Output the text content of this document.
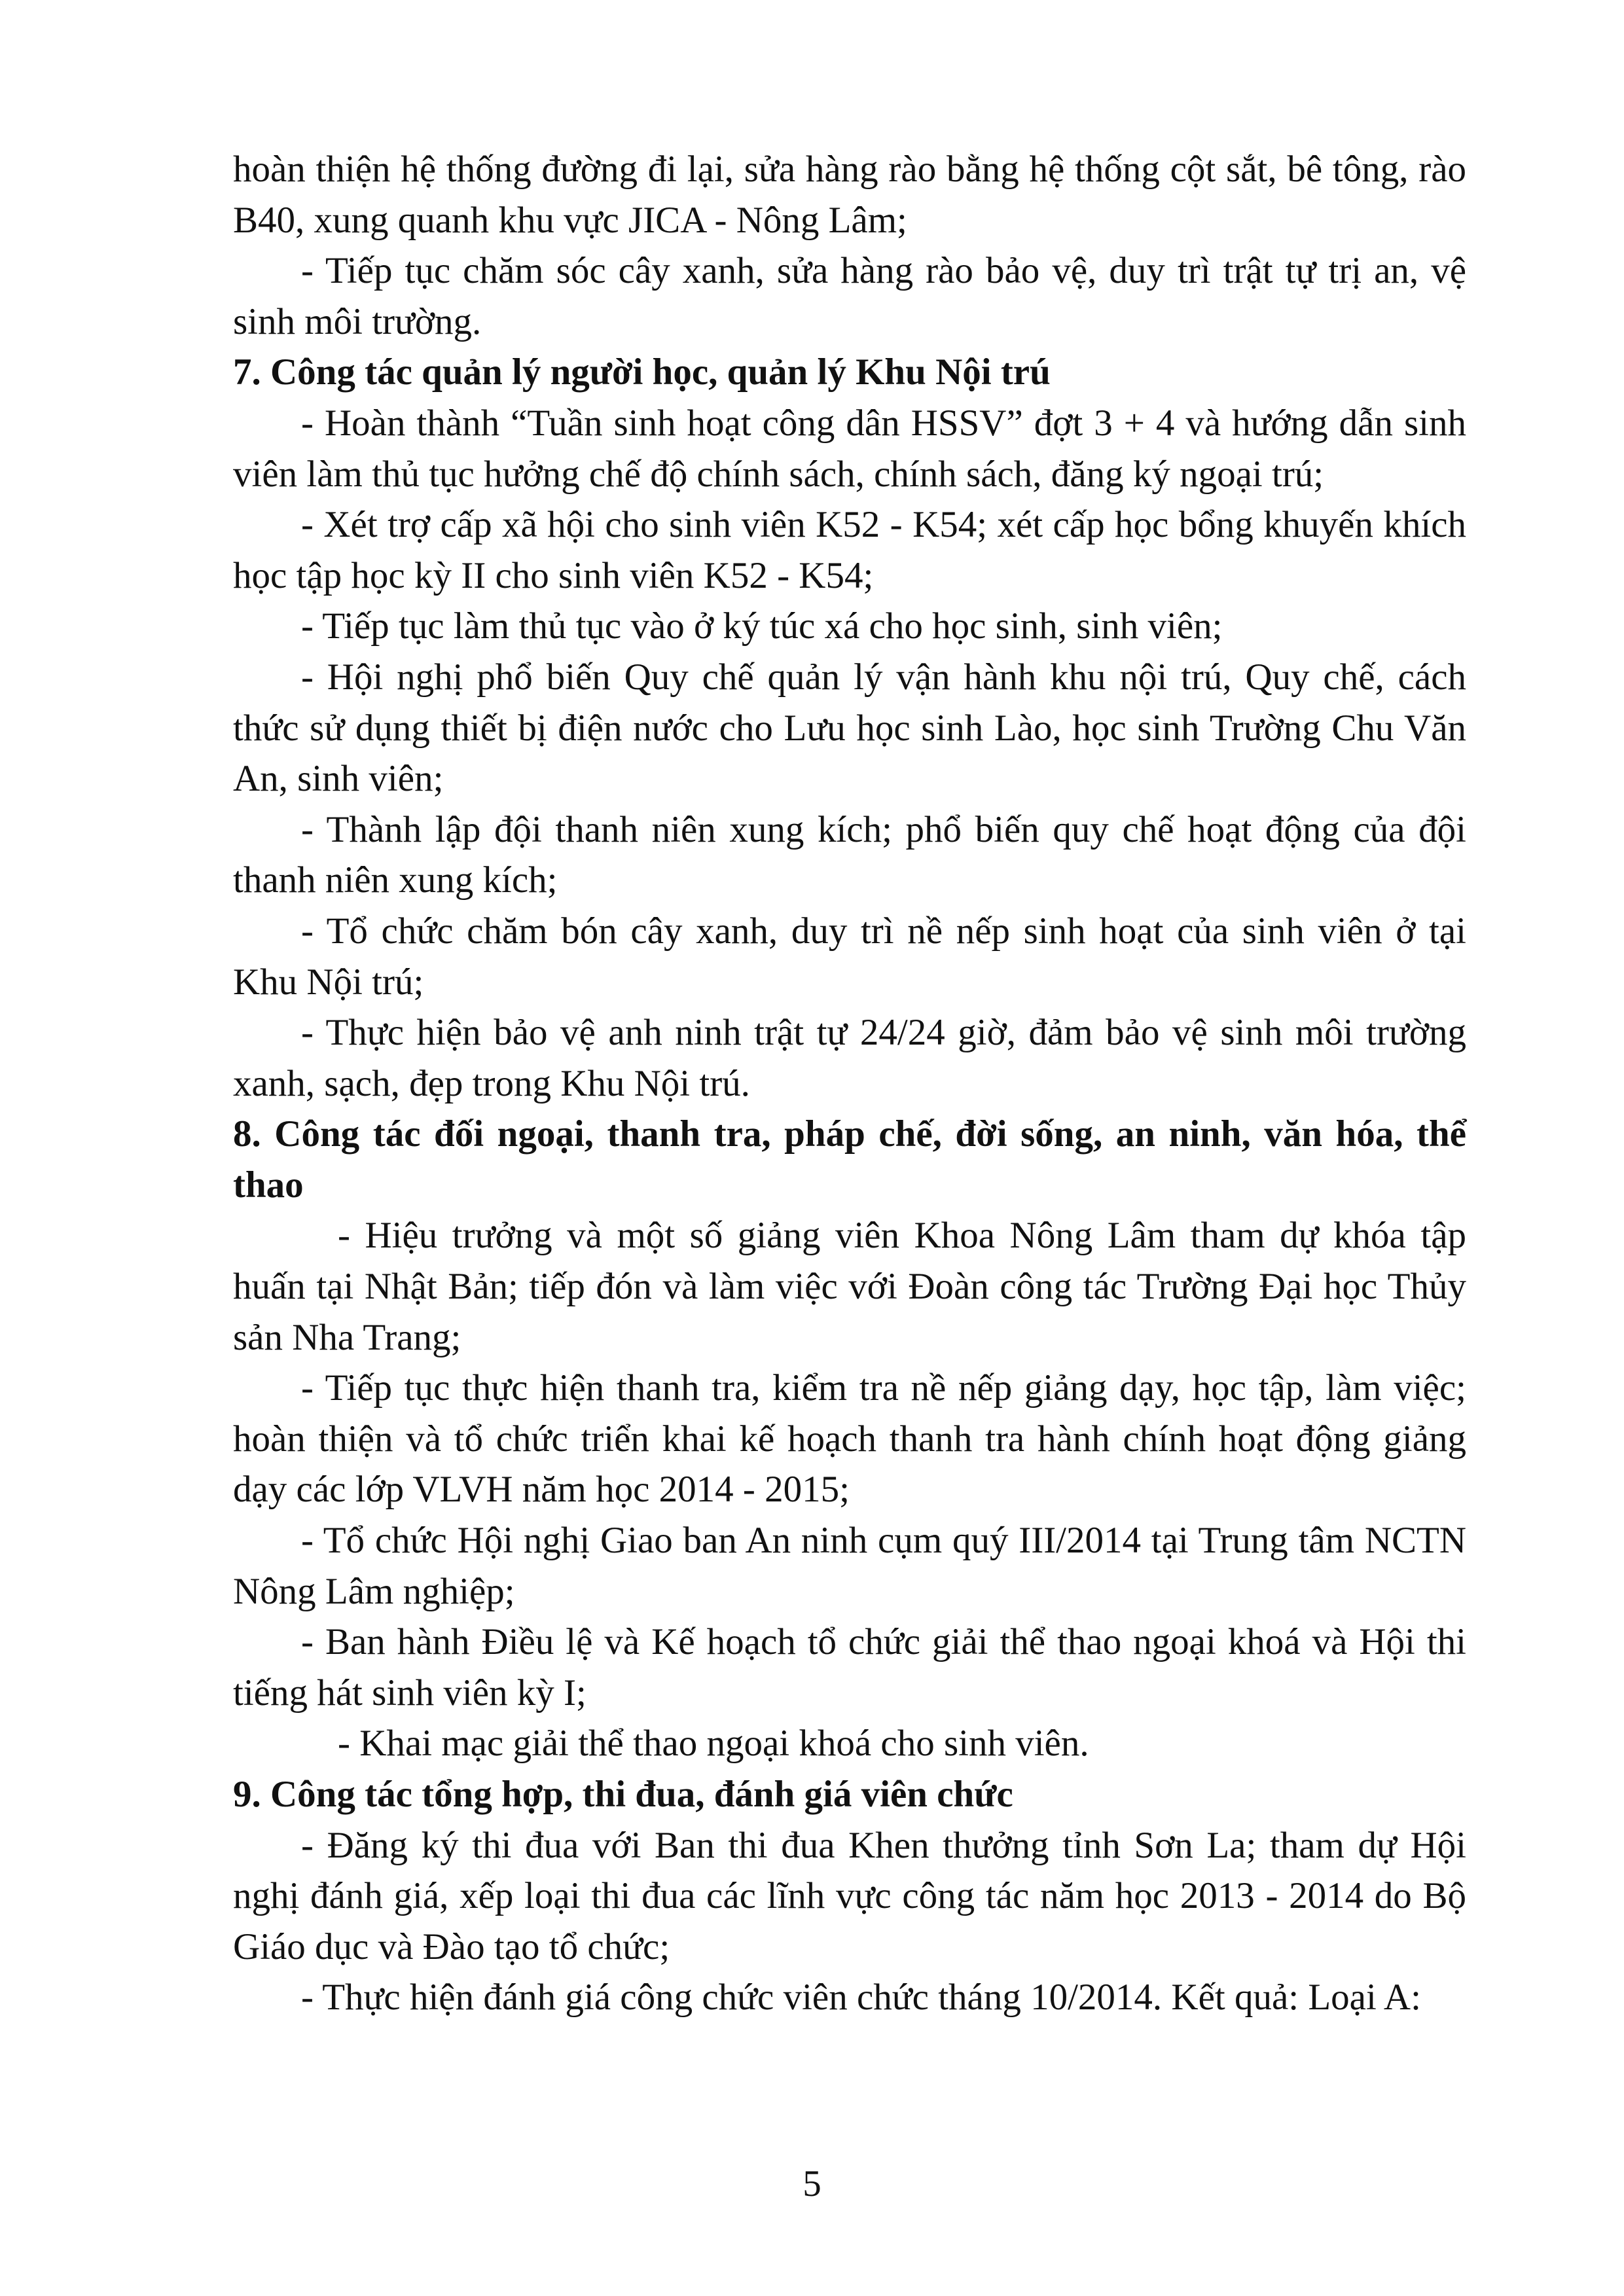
hoàn thiện hệ thống đường đi lại, sửa hàng rào bằng hệ thống cột sắt, bê tông, rào B40, xung quanh khu vực JICA - Nông Lâm;

- Tiếp tục chăm sóc cây xanh, sửa hàng rào bảo vệ, duy trì trật tự trị an, vệ sinh môi trường.

7. Công tác quản lý người học, quản lý Khu Nội trú

- Hoàn thành “Tuần sinh hoạt công dân HSSV” đợt 3 + 4 và hướng dẫn sinh viên làm thủ tục hưởng chế độ chính sách, chính sách, đăng ký ngoại trú;

- Xét trợ cấp xã hội cho sinh viên K52 - K54; xét cấp học bổng khuyến khích học tập học kỳ II cho sinh viên K52 - K54;

- Tiếp tục làm thủ tục vào ở ký túc xá cho học sinh, sinh viên;

- Hội nghị phổ biến Quy chế quản lý vận hành khu nội trú, Quy chế, cách thức sử dụng thiết bị điện nước cho Lưu học sinh Lào, học sinh Trường Chu Văn An, sinh viên;

- Thành lập đội thanh niên xung kích; phổ biến quy chế hoạt động của đội thanh niên xung kích;

- Tổ chức chăm bón cây xanh, duy trì nề nếp sinh hoạt của sinh viên ở tại Khu Nội trú;

- Thực hiện bảo vệ anh ninh trật tự 24/24 giờ, đảm bảo vệ sinh môi trường xanh, sạch, đẹp trong Khu Nội trú.

8. Công tác đối ngoại, thanh tra, pháp chế, đời sống, an ninh, văn hóa, thể thao

- Hiệu trưởng và một số giảng viên Khoa Nông Lâm tham dự khóa tập huấn tại Nhật Bản; tiếp đón và làm việc với Đoàn công tác Trường Đại học Thủy sản Nha Trang;

- Tiếp tục thực hiện thanh tra, kiểm tra nề nếp giảng dạy, học tập, làm việc; hoàn thiện và tổ chức triển khai kế hoạch thanh tra hành chính hoạt động giảng dạy các lớp VLVH năm học 2014 - 2015;

- Tổ chức Hội nghị Giao ban An ninh cụm quý III/2014 tại Trung tâm NCTN Nông Lâm nghiệp;

- Ban hành Điều lệ và Kế hoạch tổ chức giải thể thao ngoại khoá và Hội thi tiếng hát sinh viên kỳ I;

- Khai mạc giải thể thao ngoại khoá cho sinh viên.

9. Công tác tổng hợp, thi đua, đánh giá viên chức

- Đăng ký thi đua với Ban thi đua Khen thưởng tỉnh Sơn La; tham dự Hội nghị đánh giá, xếp loại thi đua các lĩnh vực công tác năm học 2013 - 2014 do Bộ Giáo dục và Đào tạo tổ chức;

- Thực hiện đánh giá công chức viên chức tháng 10/2014. Kết quả: Loại A:

5
